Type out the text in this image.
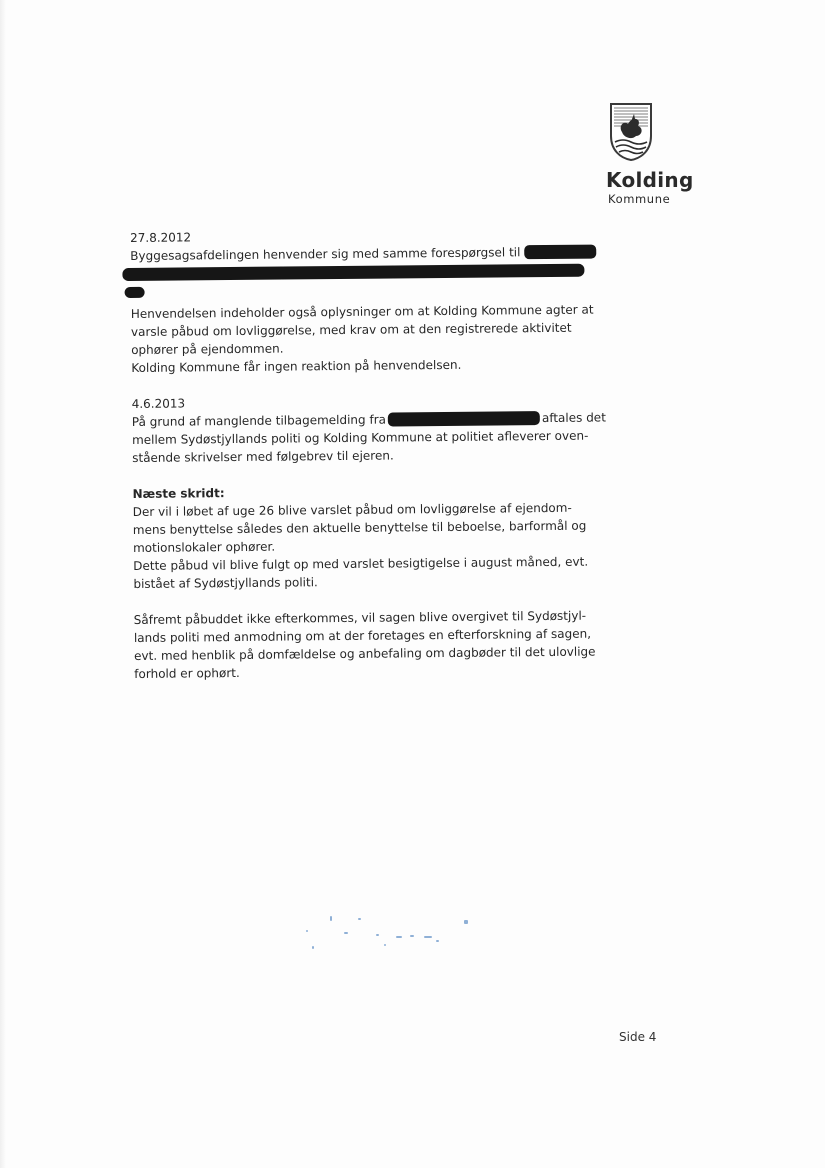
Kolding
Kommune
27.8.2012
Byggesagsafdelingen henvender sig med samme forespørgsel til
Henvendelsen indeholder også oplysninger om at Kolding Kommune agter at
varsle påbud om lovliggørelse, med krav om at den registrerede aktivitet
ophører på ejendommen.
Kolding Kommune får ingen reaktion på henvendelsen.
4.6.2013
På grund af manglende tilbagemelding fra	aftales det
mellem Sydøstjyllands politi og Kolding Kommune at politiet afleverer oven-
stående skrivelser med følgebrev til ejeren.
Næste skridt:
Der vil i løbet af uge 26 blive varslet påbud om lovliggørelse af ejendom-
mens benyttelse således den aktuelle benyttelse til beboelse, barformål og
motionslokaler ophører.
Dette påbud vil blive fulgt op med varslet besigtigelse i august måned, evt.
bistået af Sydøstjyllands politi.
Såfremt påbuddet ikke efterkommes, vil sagen blive overgivet til Sydøstjyl-
lands politi med anmodning om at der foretages en efterforskning af sagen,
evt. med henblik på domfældelse og anbefaling om dagbøder til det ulovlige
forhold er ophørt.
Side 4
